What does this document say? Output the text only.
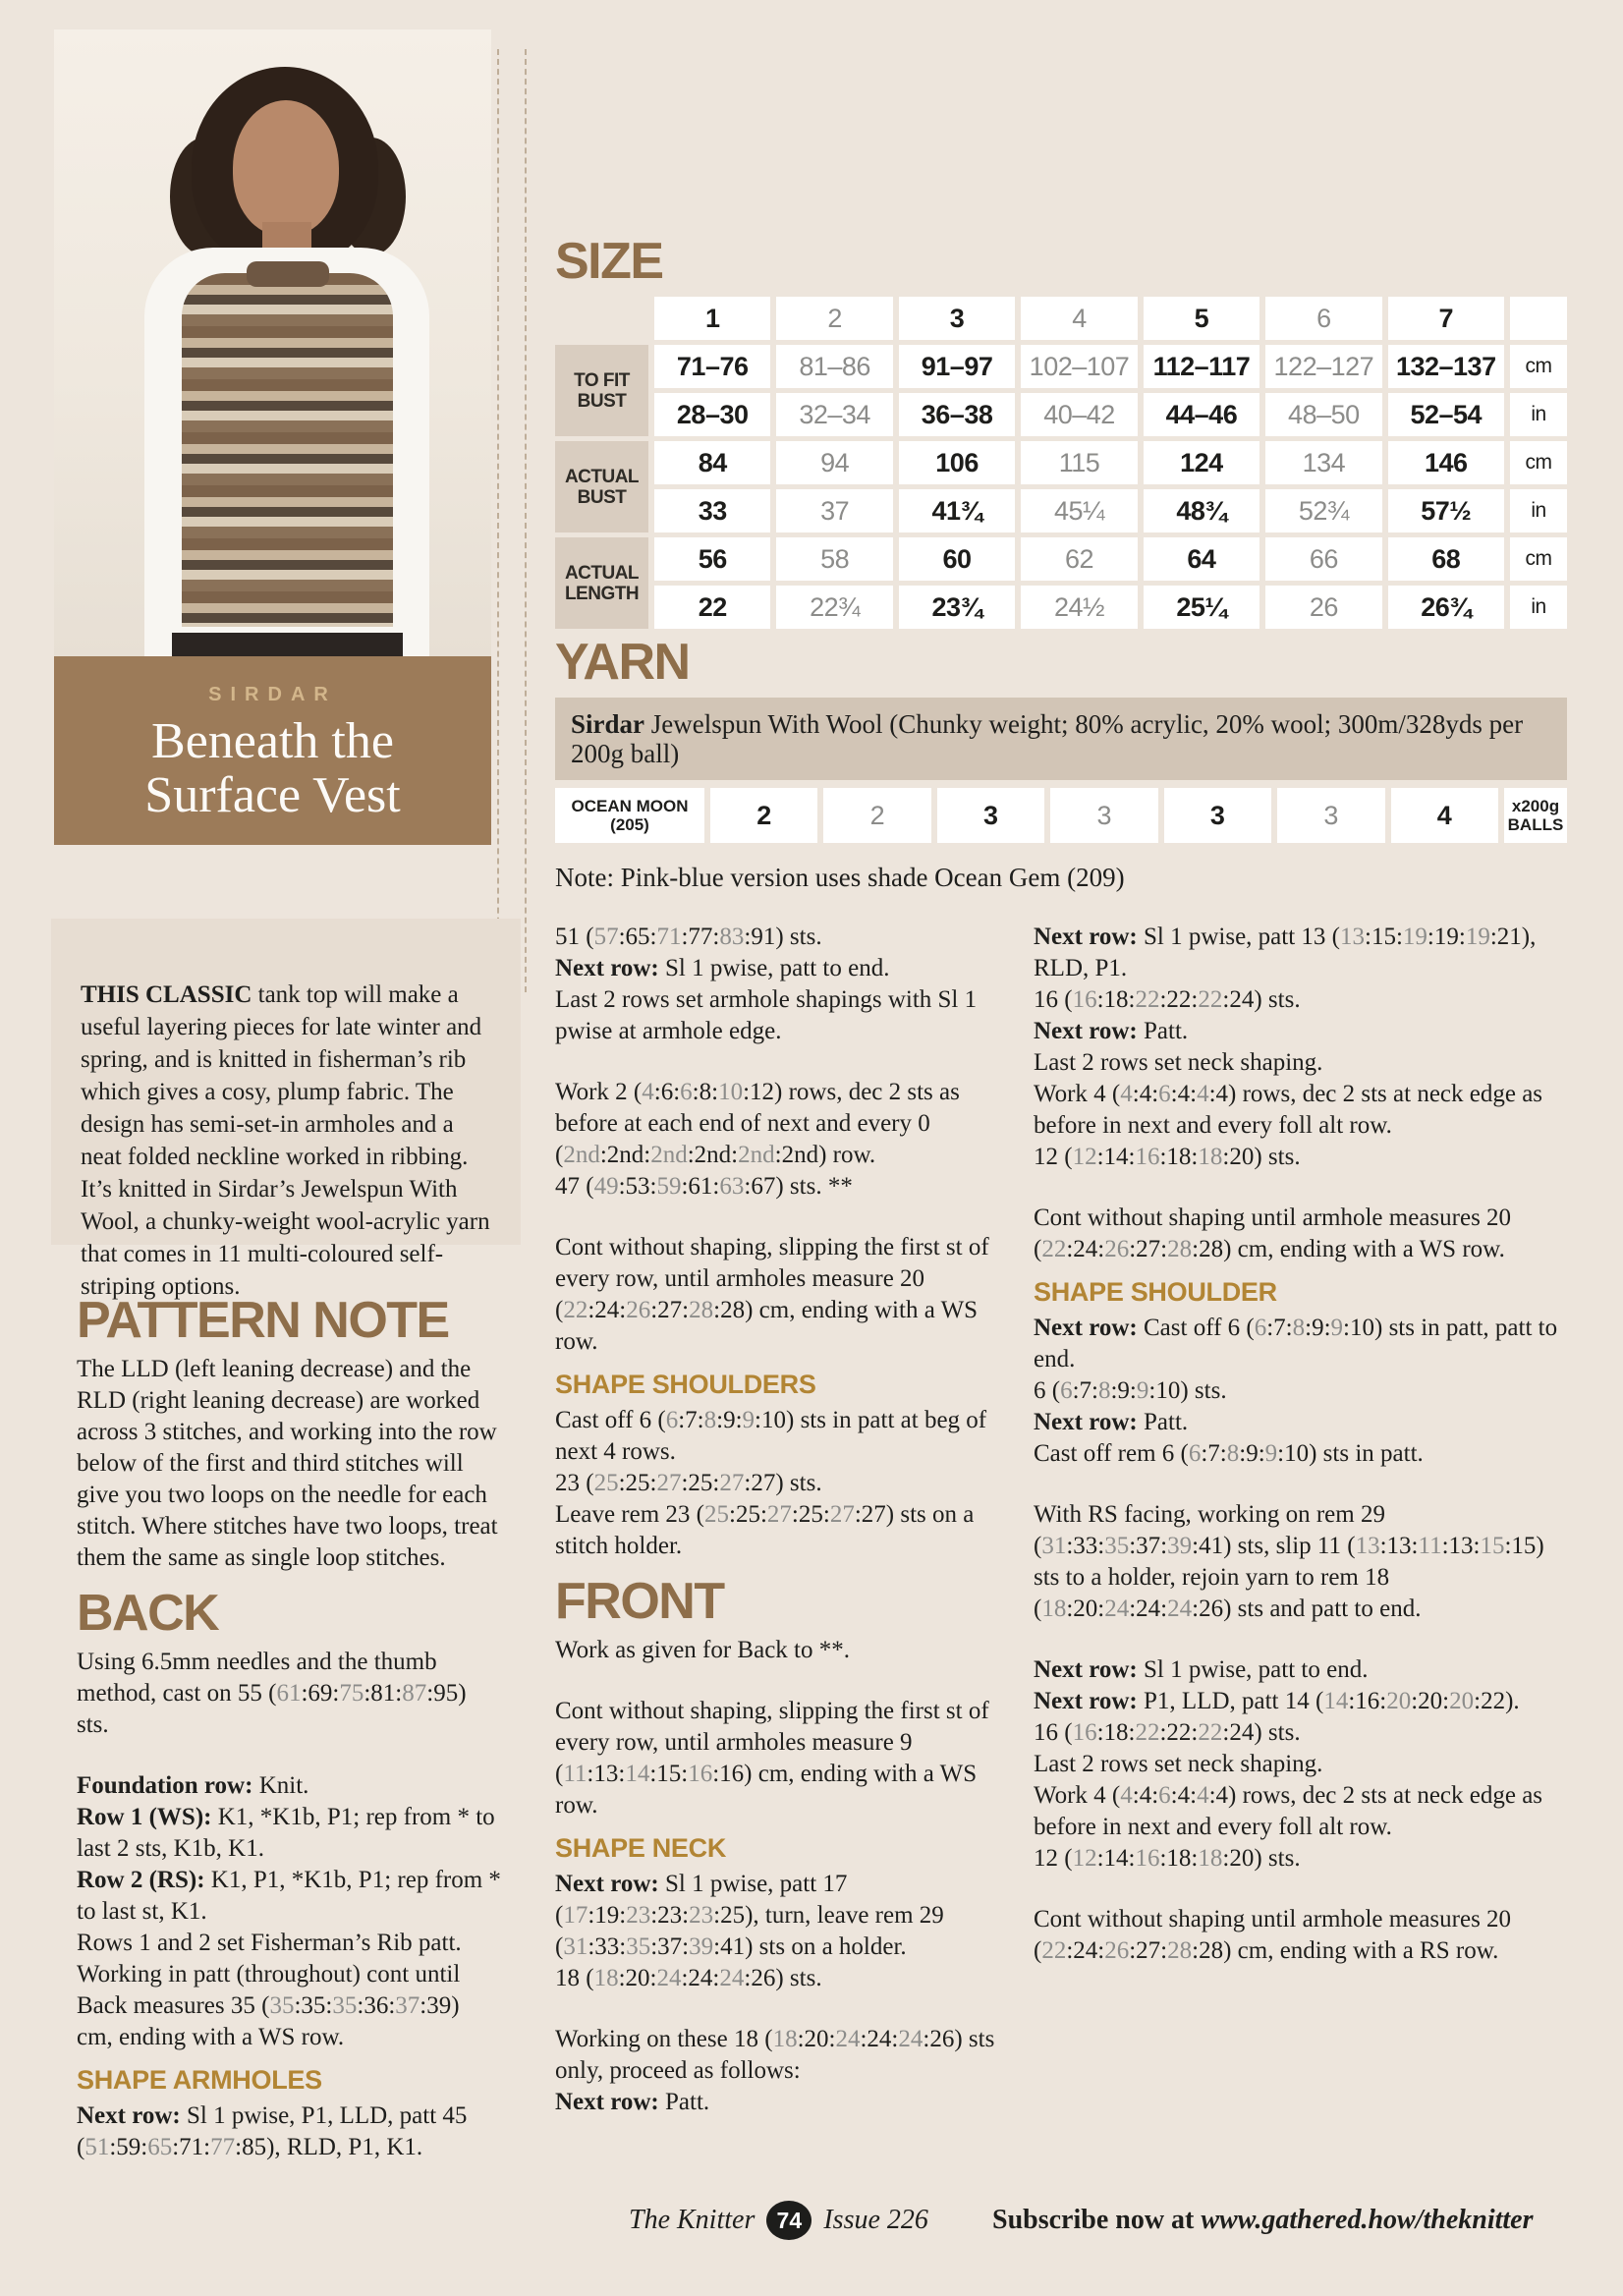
SIRDAR
Beneath the
Surface Vest
SIZE
1	2	3	4	5	6	7
TO FIT
BUST
71–76	81–86	91–97	102–107 112–117 122–127 132–137	cm
28–30	32–34	36–38	40–42	44–46	48–50	52–54	in
ACTUAL
BUST
84	94	106	115	124	134	146	cm
33	37	41¾	45¼	48¾	52¾	57½	in
ACTUAL
LENGTH
56	58	60	62	64	66	68	cm
22	22¾	23¾	24½	25¼	26	26¾	in
YARN
Sirdar Jewelspun With Wool (Chunky weight; 80% acrylic, 20% wool; 300m/328yds per 200g ball)
OCEAN MOON
(205)	2	2	3	3	3	3	4	x200g
BALLS
Note: Pink-blue version uses shade Ocean Gem (209)

THIS CLASSIC tank top will make a useful layering pieces for late winter and spring, and is knitted in fisherman’s rib which gives a cosy, plump fabric. The design has semi-set-in armholes and a neat folded neckline worked in ribbing. It’s knitted in Sirdar’s Jewelspun With Wool, a chunky-weight wool-acrylic yarn that comes in 11 multi-coloured self-striping options.

PATTERN NOTE

The LLD (left leaning decrease) and the RLD (right leaning decrease) are worked across 3 stitches, and working into the row below of the first and third stitches will give you two loops on the needle for each stitch. Where stitches have two loops, treat them the same as single loop stitches.

BACK

Using 6.5mm needles and the thumb method, cast on 55 (61:69:75:81:87:95) sts.

Foundation row: Knit.

Row 1 (WS): K1, *K1b, P1; rep from * to last 2 sts, K1b, K1.

Row 2 (RS): K1, P1, *K1b, P1; rep from * to last st, K1.

Rows 1 and 2 set Fisherman’s Rib patt.

Working in patt (throughout) cont until Back measures 35 (35:35:35:36:37:39) cm, ending with a WS row.

SHAPE ARMHOLES

Next row: Sl 1 pwise, P1, LLD, patt 45 (51:59:65:71:77:85), RLD, P1, K1.

51 (57:65:71:77:83:91) sts.

Next row: Sl 1 pwise, patt to end.

Last 2 rows set armhole shapings with Sl 1 pwise at armhole edge.

Work 2 (4:6:6:8:10:12) rows, dec 2 sts as before at each end of next and every 0 (2nd:2nd:2nd:2nd:2nd:2nd) row.

47 (49:53:59:61:63:67) sts. **

Cont without shaping, slipping the first st of every row, until armholes measure 20 (22:24:26:27:28:28) cm, ending with a WS row.

SHAPE SHOULDERS

Cast off 6 (6:7:8:9:9:10) sts in patt at beg of next 4 rows.

23 (25:25:27:25:27:27) sts.

Leave rem 23 (25:25:27:25:27:27) sts on a stitch holder.

FRONT

Work as given for Back to **.

Cont without shaping, slipping the first st of every row, until armholes measure 9 (11:13:14:15:16:16) cm, ending with a WS row.

SHAPE NECK

Next row: Sl 1 pwise, patt 17 (17:19:23:23:23:25), turn, leave rem 29 (31:33:35:37:39:41) sts on a holder.

18 (18:20:24:24:24:26) sts.

Working on these 18 (18:20:24:24:24:26) sts only, proceed as follows:

Next row: Patt.

Next row: Sl 1 pwise, patt 13 (13:15:19:19:19:21), RLD, P1.

16 (16:18:22:22:22:24) sts.

Next row: Patt.

Last 2 rows set neck shaping.

Work 4 (4:4:6:4:4:4) rows, dec 2 sts at neck edge as before in next and every foll alt row.

12 (12:14:16:18:18:20) sts.

Cont without shaping until armhole measures 20 (22:24:26:27:28:28) cm, ending with a WS row.

SHAPE SHOULDER

Next row: Cast off 6 (6:7:8:9:9:10) sts in patt, patt to end.

6 (6:7:8:9:9:10) sts.

Next row: Patt.

Cast off rem 6 (6:7:8:9:9:10) sts in patt.

With RS facing, working on rem 29 (31:33:35:37:39:41) sts, slip 11 (13:13:11:13:15:15) sts to a holder, rejoin yarn to rem 18 (18:20:24:24:24:26) sts and patt to end.

Next row: Sl 1 pwise, patt to end.

Next row: P1, LLD, patt 14 (14:16:20:20:20:22).

16 (16:18:22:22:22:24) sts.

Last 2 rows set neck shaping.

Work 4 (4:4:6:4:4:4) rows, dec 2 sts at neck edge as before in next and every foll alt row.

12 (12:14:16:18:18:20) sts.

Cont without shaping until armhole measures 20 (22:24:26:27:28:28) cm, ending with a RS row.

The Knitter 74 Issue 226 Subscribe now at www.gathered.how/theknitter
